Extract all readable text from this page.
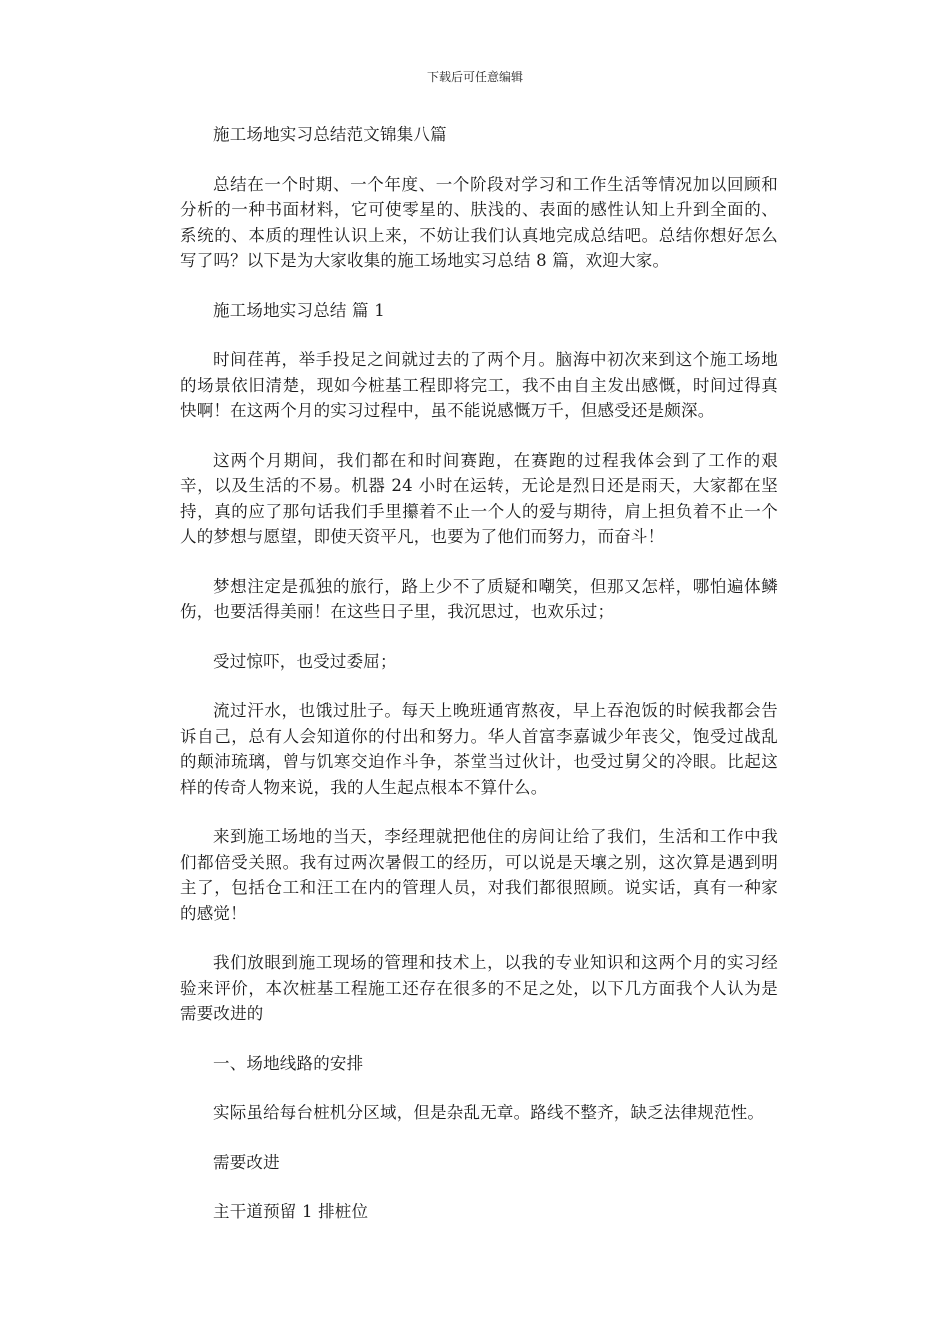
下载后可任意编辑

施工场地实习总结范文锦集八篇

总结在一个时期、一个年度、一个阶段对学习和工作生活等情况加以回顾和分析的一种书面材料，它可使零星的、肤浅的、表面的感性认知上升到全面的、系统的、本质的理性认识上来，不妨让我们认真地完成总结吧。总结你想好怎么写了吗？以下是为大家收集的施工场地实习总结 8 篇，欢迎大家。

施工场地实习总结 篇 1

时间荏苒，举手投足之间就过去的了两个月。脑海中初次来到这个施工场地的场景依旧清楚，现如今桩基工程即将完工，我不由自主发出感慨，时间过得真快啊！在这两个月的实习过程中，虽不能说感慨万千，但感受还是颇深。

这两个月期间，我们都在和时间赛跑，在赛跑的过程我体会到了工作的艰辛，以及生活的不易。机器 24 小时在运转，无论是烈日还是雨天，大家都在坚持，真的应了那句话我们手里攥着不止一个人的爱与期待，肩上担负着不止一个人的梦想与愿望，即使天资平凡，也要为了他们而努力，而奋斗！

梦想注定是孤独的旅行，路上少不了质疑和嘲笑，但那又怎样，哪怕遍体鳞伤，也要活得美丽！在这些日子里，我沉思过，也欢乐过；

受过惊吓，也受过委屈；

流过汗水，也饿过肚子。每天上晚班通宵熬夜，早上吞泡饭的时候我都会告诉自己，总有人会知道你的付出和努力。华人首富李嘉诚少年丧父，饱受过战乱的颠沛琉璃，曾与饥寒交迫作斗争，茶堂当过伙计，也受过舅父的冷眼。比起这样的传奇人物来说，我的人生起点根本不算什么。

来到施工场地的当天，李经理就把他住的房间让给了我们，生活和工作中我们都倍受关照。我有过两次暑假工的经历，可以说是天壤之别，这次算是遇到明主了，包括仓工和汪工在内的管理人员，对我们都很照顾。说实话，真有一种家的感觉！

我们放眼到施工现场的管理和技术上，以我的专业知识和这两个月的实习经验来评价，本次桩基工程施工还存在很多的不足之处，以下几方面我个人认为是需要改进的

一、场地线路的安排

实际虽给每台桩机分区域，但是杂乱无章。路线不整齐，缺乏法律规范性。

需要改进

主干道预留 1 排桩位
